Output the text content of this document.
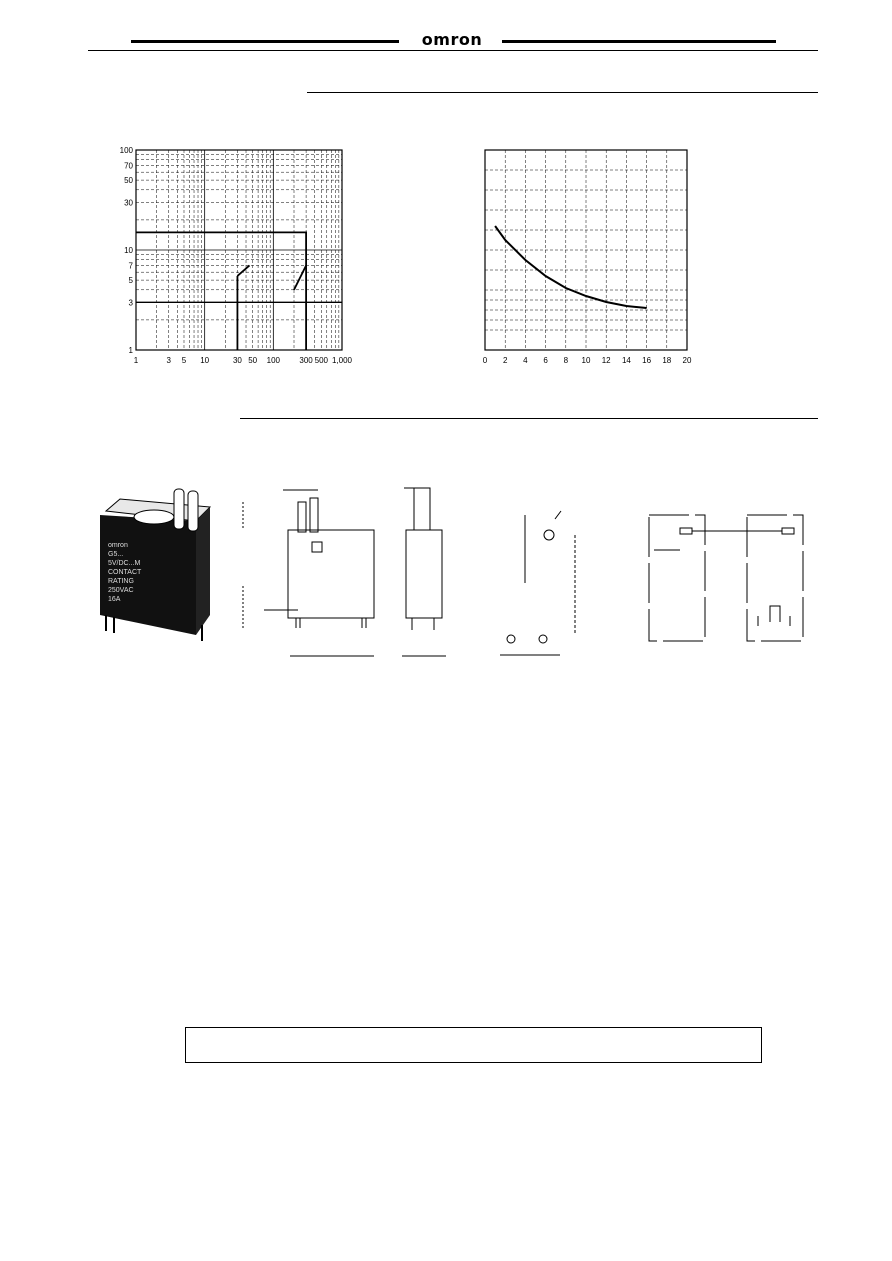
omron
1	3 5 10	30 50 100 300 500 1,000
100
70
50
30
10
7
5
3
1
0 2 4 6 8 10 12 14 16 18 20
omron
G5...
5V/DC...M
CONTACT
RATING
250VAC
16A
